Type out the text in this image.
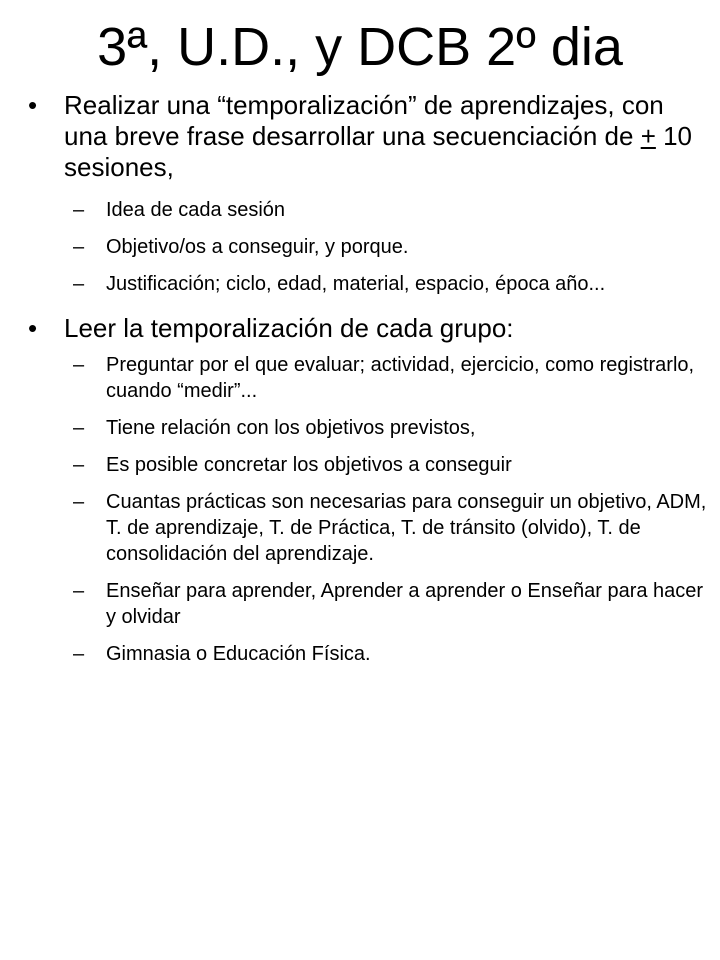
3ª, U.D., y DCB 2º dia
• Realizar una “temporalización” de aprendizajes, con una breve frase desarrollar una secuenciación de + 10 sesiones,
– Idea de cada sesión
– Objetivo/os a conseguir, y porque.
– Justificación; ciclo, edad, material, espacio, época año...
• Leer la temporalización de cada grupo:
– Preguntar por el que evaluar; actividad, ejercicio, como registrarlo, cuando “medir”...
– Tiene relación con los objetivos previstos,
– Es posible concretar los objetivos a conseguir
– Cuantas prácticas son necesarias para conseguir un objetivo, ADM, T. de aprendizaje, T. de Práctica, T. de tránsito (olvido), T. de consolidación del aprendizaje.
– Enseñar para aprender, Aprender a aprender o Enseñar para hacer y olvidar
– Gimnasia o Educación Física.
